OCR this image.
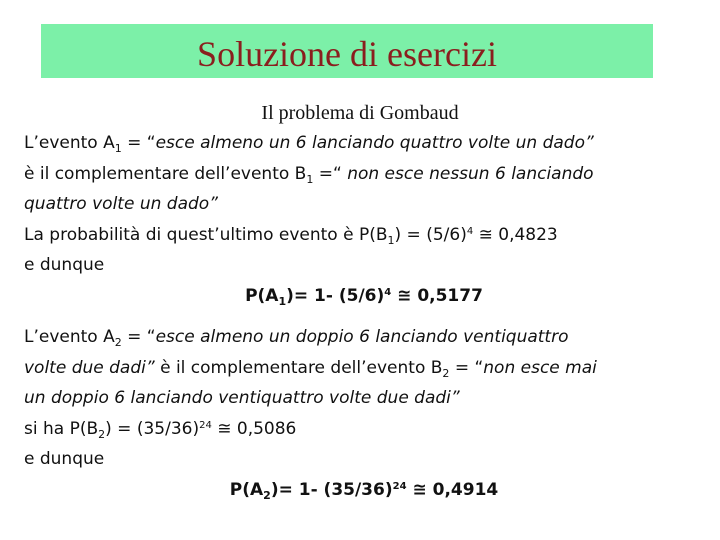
Soluzione di esercizi
Il problema di Gombaud
L’evento $A_1$ = “esce almeno un 6 lanciando quattro volte un dado”
è il complementare dell’evento $B_1$ =“ non esce nessun 6 lanciando
quattro volte un dado”
La probabilità di quest’ultimo evento è $P(B_1) = (5/6)^4$ ≅ 0,4823
e dunque
$P(A_1)= 1-$ $(5/6)^4$ ≅ 0,5177
L’evento $A_2$ = “esce almeno un doppio 6 lanciando ventiquattro
volte due dadi” è il complementare dell’evento $B_2$ = “non esce mai
un doppio 6 lanciando ventiquattro volte due dadi”
si ha $P(B_2) = (35/36)^{24}$ ≅ 0,5086
e dunque
$P(A_2)= 1-$ $(35/36)^{24}$ ≅ 0,4914
